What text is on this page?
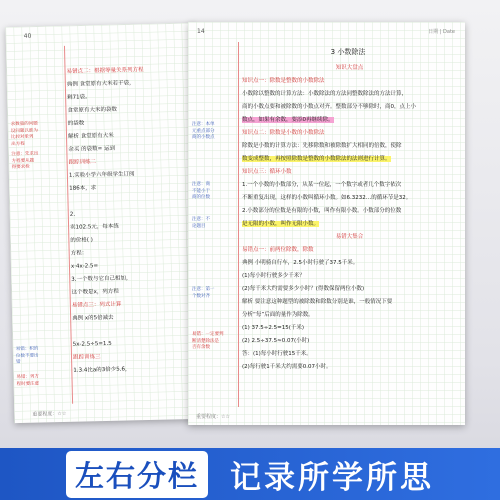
40
求数量的问题
设问题以谁为
比较对象列
出方程
注意：先求出
方程要从题
得要求检
易错：积的
位数不要出
错
易错：列方
程时要注意
易错点二：根据等量关系列方程
典例 食堂原有大米若干袋，
剩71袋。
食堂原有大米的袋数
的袋数
解析 食堂原有大米
余买 的袋数= 运到
跟踪训练二
1.实验小学六年级学生订阅
186本，求
2.
卖102.5元，每本练
的价格( )
方程：
x·4x-2.5=
3.一个数与它自己相加，
这个数是x，列方程
易错点三：列式计算
典例 x的5倍减去
5x-2.5÷5=1.5
跟踪训练三
1.3.4比a的3倍少5.6，
重要程度：☆☆
14	日期 | Date
3 小数除法
注意：本单
元重点部分
商的小数点
注意：商
不能小于
商的位数
注意：不
论题目
注意：第一
个数对齐
易错：一定要判
断清楚除法是
否有余数
知识大盘点
知识点一：除数是整数的小数除法
小数除以整数的计算方法：小数除法的方法同整数除法的方法计算，
商的小数点要和被除数的小数点对齐。整数部分不够除时，商0，点上小
数点，如果有余数，要添0再继续除。
知识点二：除数是小数的小数除法
除数是小数的计算方法：先移除数和被除数扩大相同的倍数，使除
数变成整数，再按照除数是整数的小数除法的法则进行计算。
知识点三：循环小数
1.一个小数的小数部分，从某一位起，一个数字或者几个数字依次
不断重复出现，这样的小数叫循环小数。如6.3232…的循环节是32。
2.小数部分的位数是有限的小数，叫作有限小数。小数部分的位数
是无限的小数，叫作无限小数。
易错大集合
易错点一：前两位除数，除数
典例 小明骑自行车，2.5小时行驶了37.5千米。
(1)每小时行驶多少千米？
(2)每千米大约需要多少小时？(得数保留两位小数)
解析 要注意这种题型的被除数和除数分别是谁，一般情况下要
分析“每”后面的量作为除数。
(1) 37.5÷2.5=15(千米)
(2) 2.5÷37.5≈0.07(小时)
答：(1)每小时行驶15千米。
(2)每行驶1千米大约需要0.07小时。
重要程度：☆☆
左右分栏 记录所学所思
